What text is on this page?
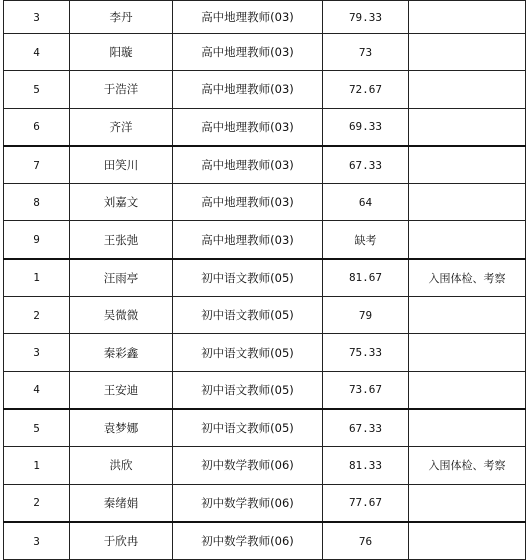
3	李丹	高中地理教师(03)	79.33	
4	阳璇	高中地理教师(03)	73	
5	于浩洋	高中地理教师(03)	72.67	
6	齐洋	高中地理教师(03)	69.33	
7	田笑川	高中地理教师(03)	67.33	
8	刘嘉文	高中地理教师(03)	64	
9	王张弛	高中地理教师(03)	缺考	
1	汪雨亭	初中语文教师(05)	81.67	入围体检、考察
2	吴微微	初中语文教师(05)	79	
3	秦彩鑫	初中语文教师(05)	75.33	
4	王安迪	初中语文教师(05)	73.67	
5	袁梦娜	初中语文教师(05)	67.33	
1	洪欣	初中数学教师(06)	81.33	入围体检、考察
2	秦绪娟	初中数学教师(06)	77.67	
3	于欣冉	初中数学教师(06)	76	
